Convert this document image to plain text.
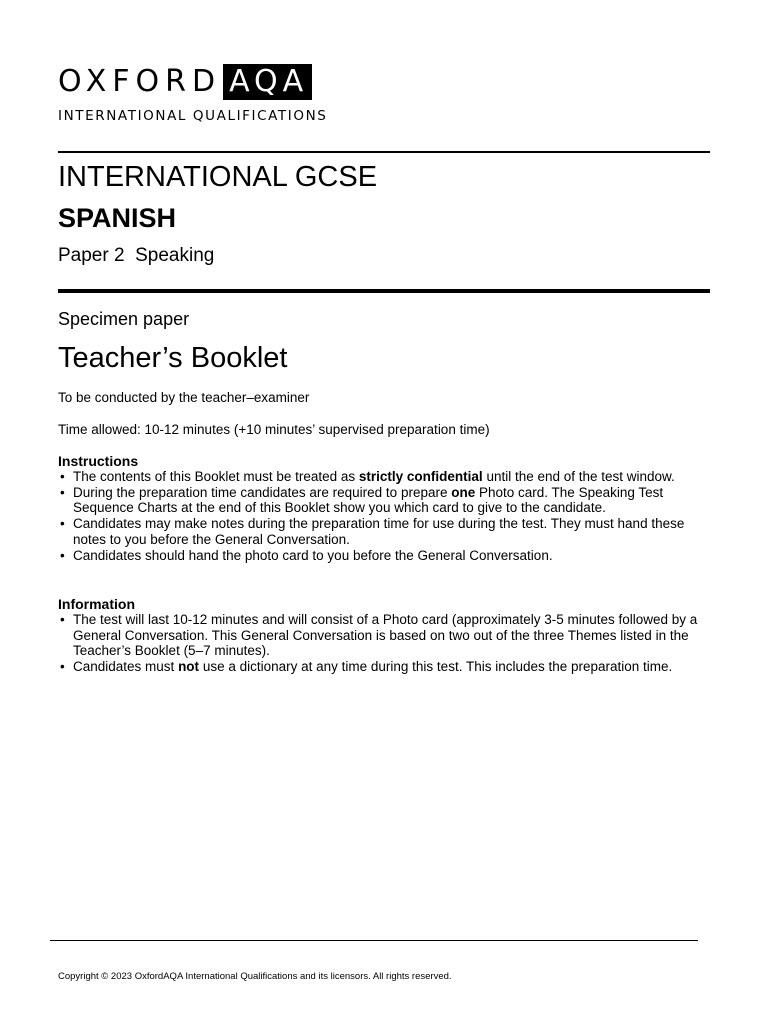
OXFORD AQA
INTERNATIONAL QUALIFICATIONS
INTERNATIONAL GCSE
SPANISH
Paper 2  Speaking
Specimen paper
Teacher’s Booklet
To be conducted by the teacher–examiner
Time allowed: 10-12 minutes (+10 minutes’ supervised preparation time)

Instructions

• The contents of this Booklet must be treated as strictly confidential until the end of the test window.
• During the preparation time candidates are required to prepare one Photo card. The Speaking Test Sequence Charts at the end of this Booklet show you which card to give to the candidate.
• Candidates may make notes during the preparation time for use during the test. They must hand these notes to you before the General Conversation.
• Candidates should hand the photo card to you before the General Conversation.

Information

• The test will last 10-12 minutes and will consist of a Photo card (approximately 3-5 minutes followed by a General Conversation. This General Conversation is based on two out of the three Themes listed in the Teacher’s Booklet (5–7 minutes).
• Candidates must not use a dictionary at any time during this test. This includes the preparation time.
Copyright © 2023 OxfordAQA International Qualifications and its licensors. All rights reserved.
